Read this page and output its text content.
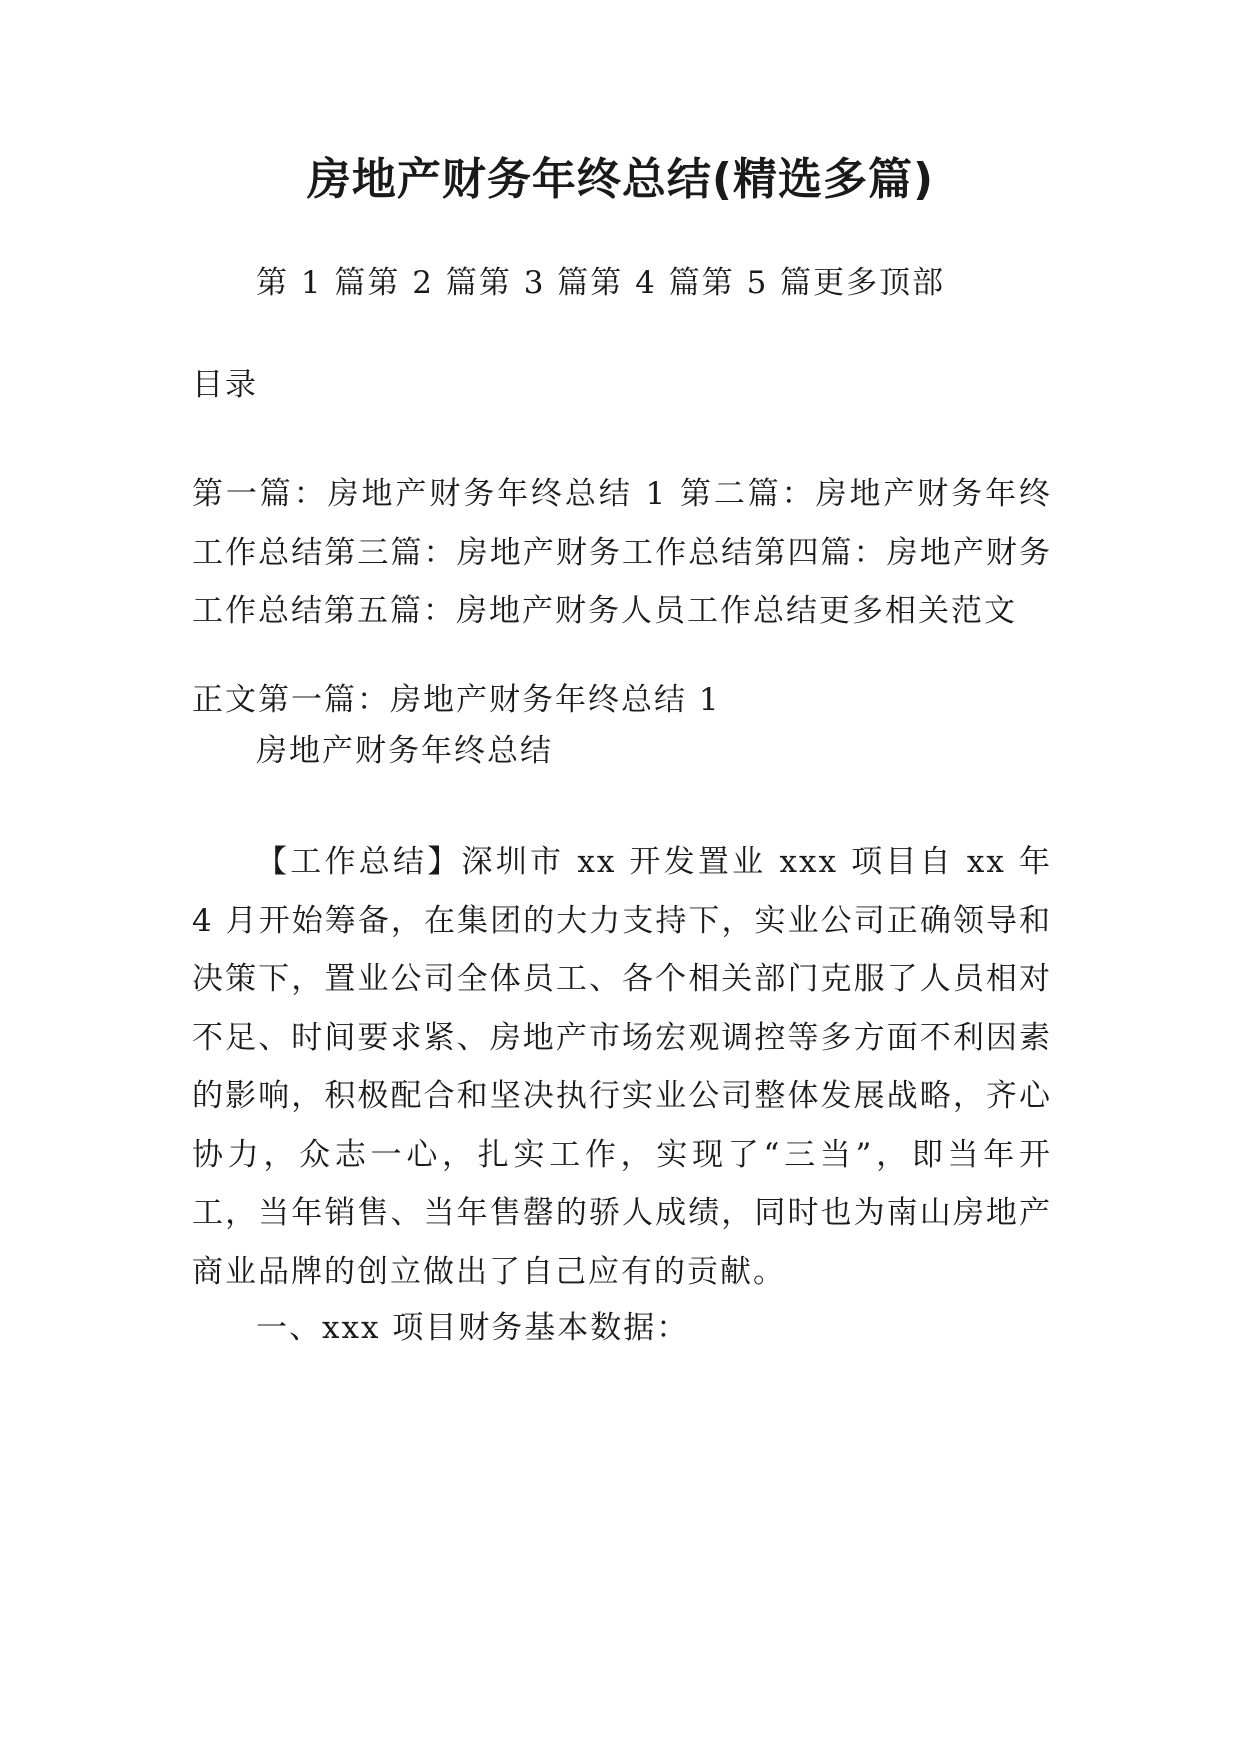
房地产财务年终总结(精选多篇)
第 1 篇第 2 篇第 3 篇第 4 篇第 5 篇更多顶部
目录
第一篇：房地产财务年终总结 1 第二篇：房地产财务年终工作总结第三篇：房地产财务工作总结第四篇：房地产财务工作总结第五篇：房地产财务人员工作总结更多相关范文
正文第一篇：房地产财务年终总结 1
房地产财务年终总结
【工作总结】深圳市 xx 开发置业 xxx 项目自 xx 年 4 月开始筹备，在集团的大力支持下，实业公司正确领导和决策下，置业公司全体员工、各个相关部门克服了人员相对不足、时间要求紧、房地产市场宏观调控等多方面不利因素的影响，积极配合和坚决执行实业公司整体发展战略，齐心协力，众志一心，扎实工作，实现了“三当”，即当年开工，当年销售、当年售罄的骄人成绩，同时也为南山房地产商业品牌的创立做出了自己应有的贡献。
一、xxx 项目财务基本数据：
